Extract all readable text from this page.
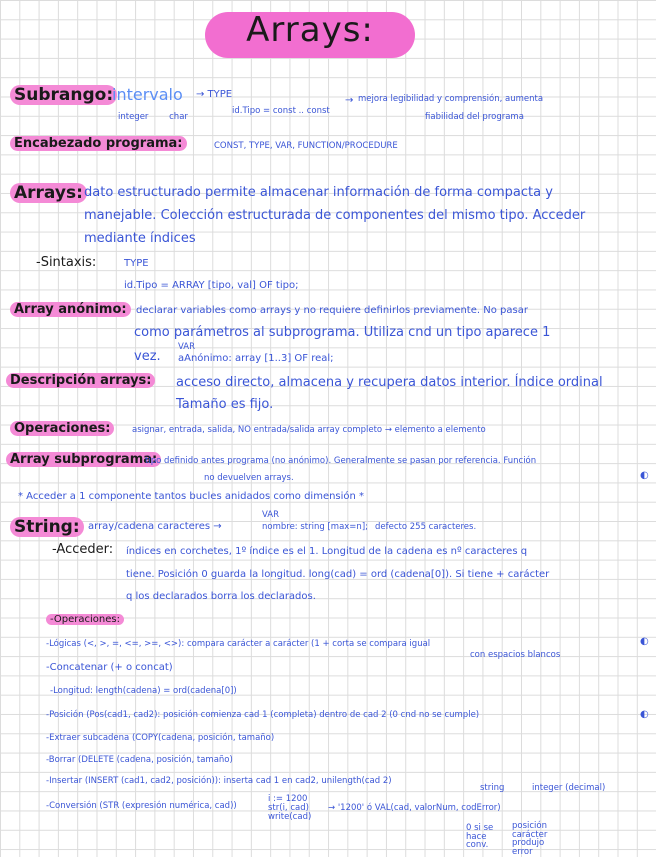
Arrays:
Subrango:
intervalo → TYPE
id.Tipo = const .. const
integer char
→ mejora legibilidad y comprensión, aumenta
fiabilidad del programa
Encabezado programa:	CONST, TYPE, VAR, FUNCTION/PROCEDURE
Arrays: dato estructurado permite almacenar información de forma compacta y
manejable. Colección estructurada de componentes del mismo tipo. Acceder
mediante índices
-Sintaxis:	TYPE
id.Tipo = ARRAY [tipo, val] OF tipo;
Array anónimo: declarar variables como arrays y no requiere definirlos previamente. No pasar
como parámetros al subprograma. Utiliza cnd un tipo aparece 1
VAR
vez. aAnónimo: array [1..3] OF real;
Descripción arrays:	acceso directo, almacena y recupera datos interior. Índice ordinal
Tamaño es fijo.
Operaciones:	asignar, entrada, salida, NO entrada/salida array completo → elemento a elemento
Array subprograma:
tipo definido antes programa (no anónimo). Generalmente se pasan por referencia. Función
no devuelven arrays.	◐
* Acceder a 1 componente tantos bucles anidados como dimensión *
String: array/cadena caracteres →
VAR
nombre: string [max=n]; defecto 255 caracteres.
-Acceder: índices en corchetes, 1º índice es el 1. Longitud de la cadena es nº caracteres q
tiene. Posición 0 guarda la longitud. long(cad) = ord (cadena[0]). Si tiene + carácter
q los declarados borra los declarados.
-Operaciones:
-Lógicas (<, >, =, <=, >=, <>): compara carácter a carácter (1 + corta se compara igual
con espacios blancos
◐
-Concatenar (+ o concat)
-Longitud: length(cadena) = ord(cadena[0])
-Posición (Pos(cad1, cad2): posición comienza cad 1 (completa) dentro de cad 2 (0 cnd no se cumple)	◐
-Extraer subcadena (COPY(cadena, posición, tamaño)
-Borrar (DELETE (cadena, posición, tamaño)
-Insertar (INSERT (cad1, cad2, posición)): inserta cad 1 en cad2, unilength(cad 2)
-Conversión (STR (expresión numérica, cad))
i := 1200 str(i, cad) write(cad)
→ '1200' ó VAL(cad, valorNum, codError)
integer (decimal)
string
0 si se hace conv.
posición carácter produjo error
